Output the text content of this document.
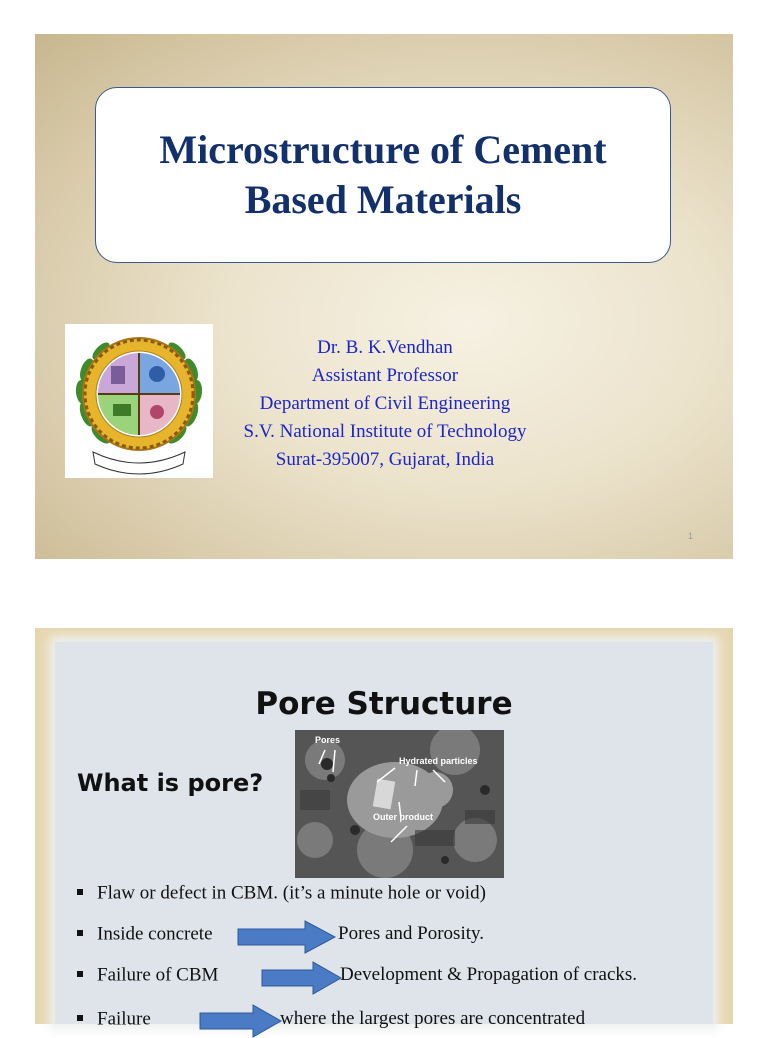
Microstructure of Cement
Based Materials
Dr. B. K.Vendhan
Assistant Professor
Department of Civil Engineering
S.V. National Institute of Technology
Surat-395007, Gujarat, India
1
Pore Structure
What is pore?
Pores
Hydrated particles
Outer product
Flaw or defect in CBM. (it’s a minute hole or void)
Inside concrete	Pores and Porosity.
Failure of CBM	Development & Propagation of cracks.
Failure	where the largest pores are concentrated
